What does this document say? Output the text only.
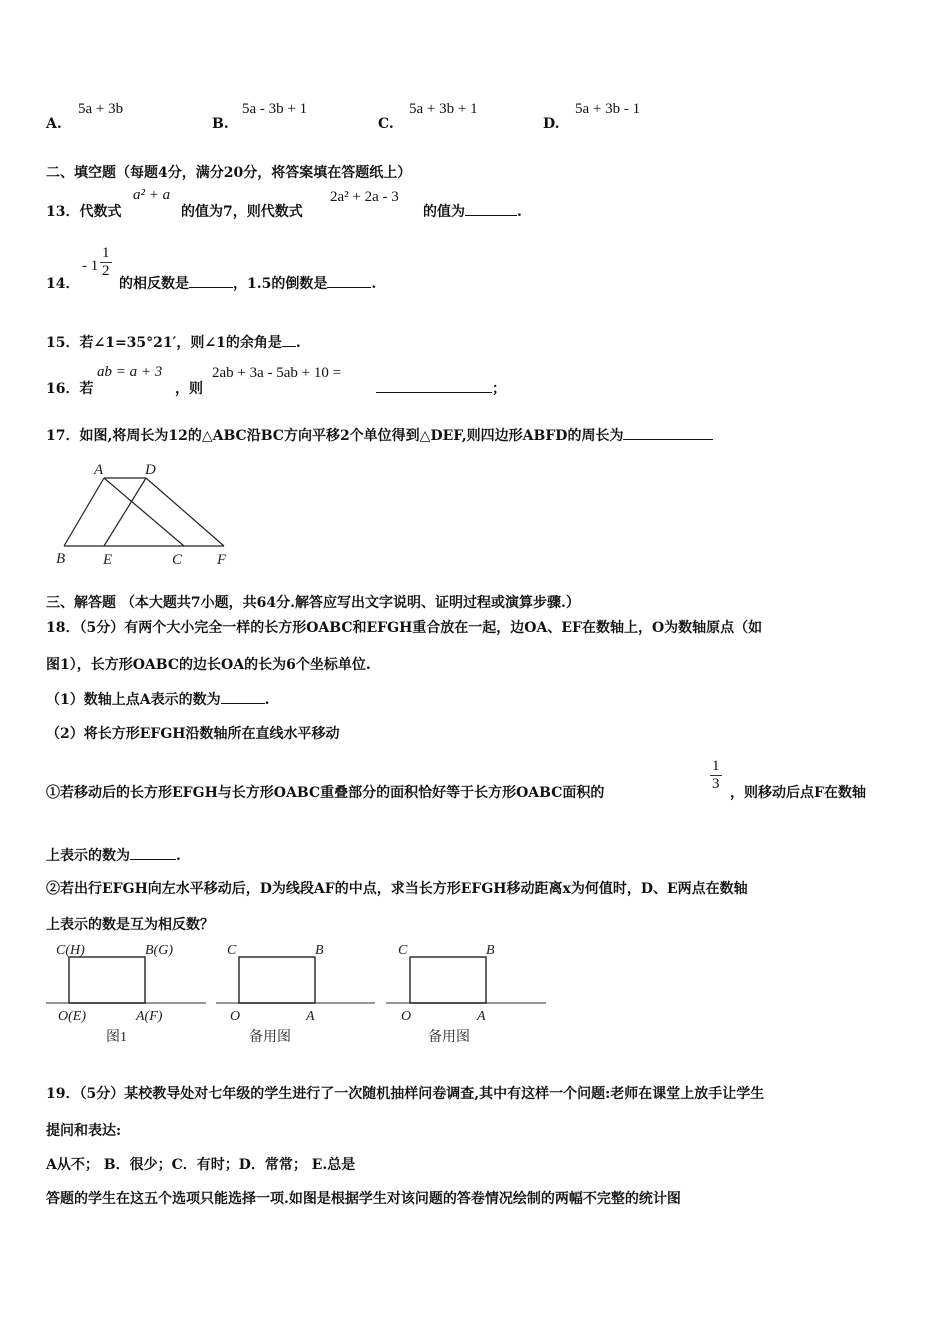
A.
5a + 3b
B.
5a - 3b + 1
C.
5a + 3b + 1
D.
5a + 3b - 1
二、填空题（每题4分，满分20分，将答案填在答题纸上）
13．代数式
a² + a
的值为7，则代数式
2a² + 2a - 3
的值为	.
14．
- $1 \frac{1}{2}$
的相反数是	，1.5的倒数是	.
15．若∠1=35°21′，则∠1的余角是 .
16．若
ab = a + 3
，则
2ab + 3a - 5ab + 10 =
；
17．如图,将周长为12的△ABC沿BC方向平移2个单位得到△DEF,则四边形ABFD的周长为
A	D
B	E	C F
三、解答题 （本大题共7小题，共64分.解答应写出文字说明、证明过程或演算步骤.）
18．（5分）有两个大小完全一样的长方形OABC和EFGH重合放在一起，边OA、EF在数轴上，O为数轴原点（如
图1），长方形OABC的边长OA的长为6个坐标单位.
（1）数轴上点A表示的数为	.
（2）将长方形EFGH沿数轴所在直线水平移动
①若移动后的长方形EFGH与长方形OABC重叠部分的面积恰好等于长方形OABC面积的	$\frac{1}{3}$ ，则移动后点F在数轴
上表示的数为	.
②若出行EFGH向左水平移动后，D为线段AF的中点，求当长方形EFGH移动距离x为何值时，D、E两点在数轴
上表示的数是互为相反数？
C(H)	B(G)
O(E)	A(F)
图1
C	B
O	A
备用图
C	B
O	A
备用图
19．（5分）某校教导处对七年级的学生进行了一次随机抽样问卷调查,其中有这样一个问题:老师在课堂上放手让学生
提问和表达:
A从不； B．很少；C．有时；D．常常； E.总是
答题的学生在这五个选项只能选择一项.如图是根据学生对该问题的答卷情况绘制的两幅不完整的统计图
